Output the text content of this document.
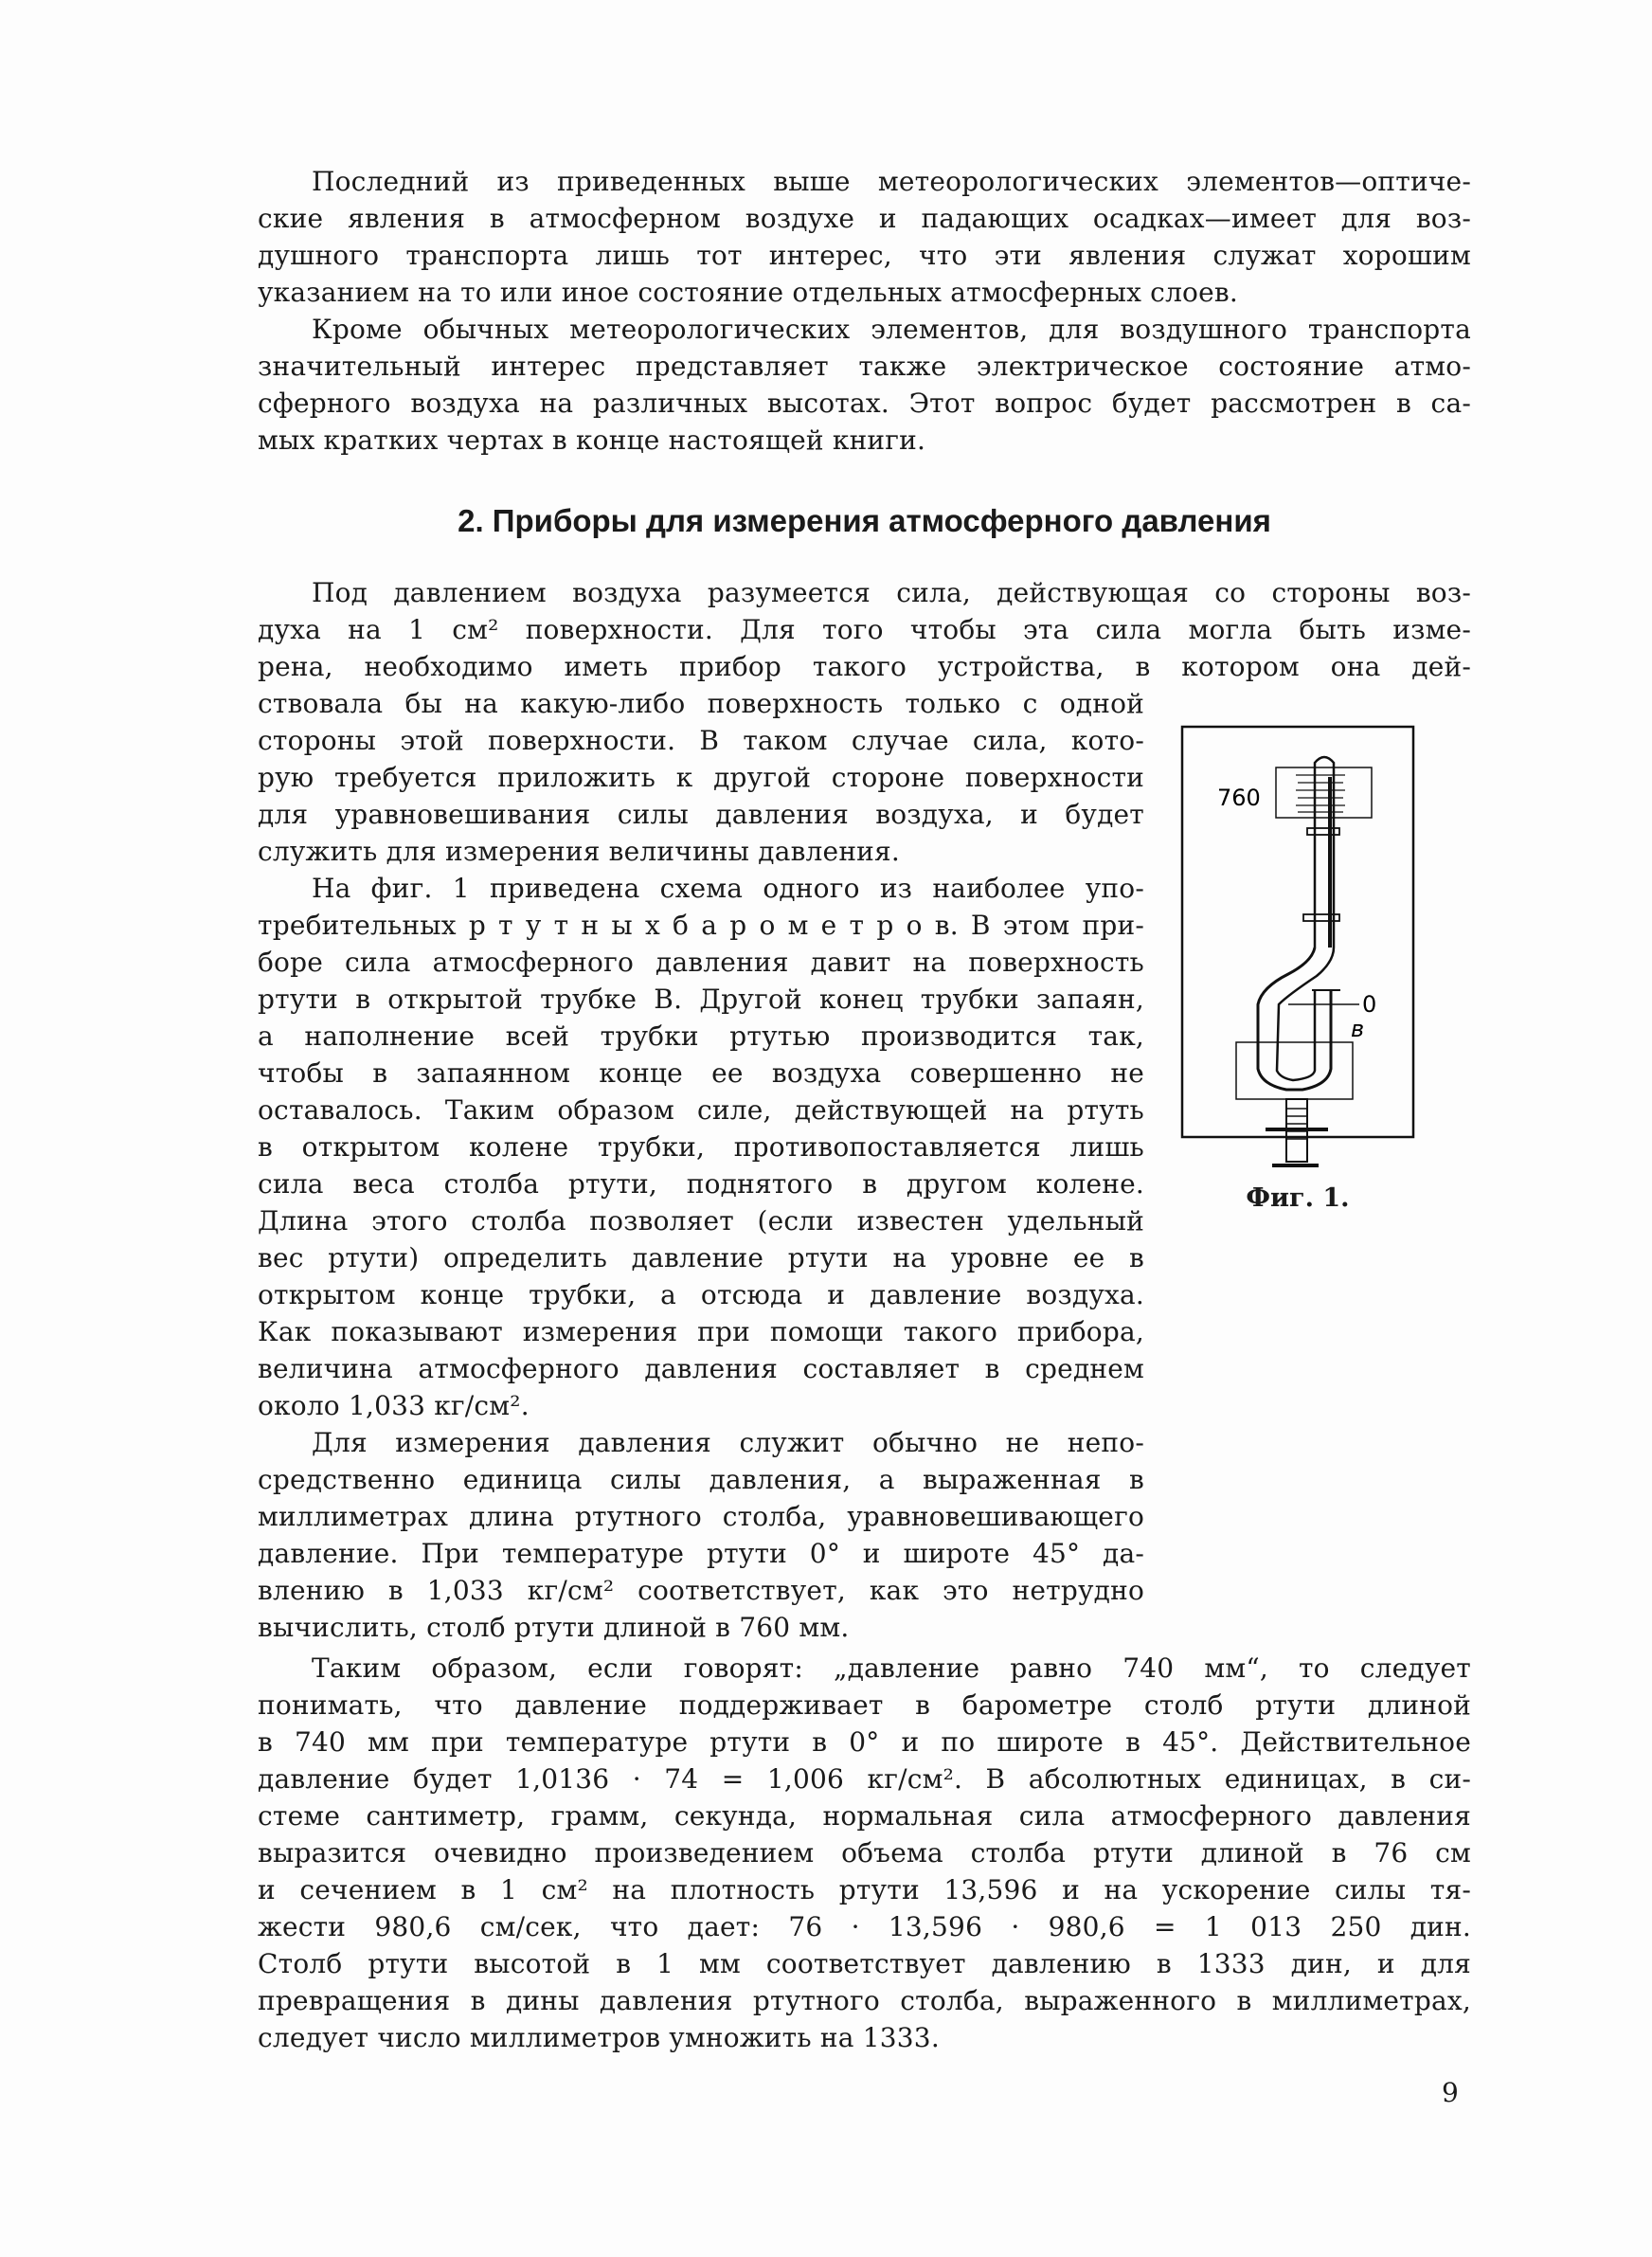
Последний из приведенных выше метеорологических элементов—оптиче-
ские явления в атмосферном воздухе и падающих осадках—имеет для воз-
душного транспорта лишь тот интерес, что эти явления служат хорошим
указанием на то или иное состояние отдельных атмосферных слоев.
Кроме обычных метеорологических элементов, для воздушного транспорта
значительный интерес представляет также электрическое состояние атмо-
сферного воздуха на различных высотах. Этот вопрос будет рассмотрен в са-
мых кратких чертах в конце настоящей книги.
2. Приборы для измерения атмосферного давления
Под давлением воздуха разумеется сила, действующая со стороны воз-
духа на 1 см² поверхности. Для того чтобы эта сила могла быть изме-
рена, необходимо иметь прибор такого устройства, в котором она дей-
ствовала бы на какую-либо поверхность только с одной
стороны этой поверхности. В таком случае сила, кото-
рую требуется приложить к другой стороне поверхности
для уравновешивания силы давления воздуха, и будет
служить для измерения величины давления.
На фиг. 1 приведена схема одного из наиболее упо-
требительных р т у т н ы х б а р о м е т р о в. В этом при-
боре сила атмосферного давления давит на поверхность
ртути в открытой трубке В. Другой конец трубки запаян,
а наполнение всей трубки ртутью производится так,
чтобы в запаянном конце ее воздуха совершенно не
оставалось. Таким образом силе, действующей на ртуть
в открытом колене трубки, противопоставляется лишь
сила веса столба ртути, поднятого в другом колене.
Длина этого столба позволяет (если известен удельный
вес ртути) определить давление ртути на уровне ее в
открытом конце трубки, а отсюда и давление воздуха.
Как показывают измерения при помощи такого прибора,
величина атмосферного давления составляет в среднем
около 1,033 кг/см².
Для измерения давления служит обычно не непо-
средственно единица силы давления, а выраженная в
миллиметрах длина ртутного столба, уравновешивающего
давление. При температуре ртути 0° и широте 45° да-
влению в 1,033 кг/см² соответствует, как это нетрудно
вычислить, столб ртути длиной в 760 мм.
Таким образом, если говорят: „давление равно 740 мм“, то следует
понимать, что давление поддерживает в барометре столб ртути длиной
в 740 мм при температуре ртути в 0° и по широте в 45°. Действительное
давление будет 1,0136 · 74 = 1,006 кг/см². В абсолютных единицах, в си-
стеме сантиметр, грамм, секунда, нормальная сила атмосферного давления
выразится очевидно произведением объема столба ртути длиной в 76 см
и сечением в 1 см² на плотность ртути 13,596 и на ускорение силы тя-
жести 980,6 см/сек, что дает: 76 · 13,596 · 980,6 = 1 013 250 дин.
Столб ртути высотой в 1 мм соответствует давлению в 1333 дин, и для
превращения в дины давления ртутного столба, выраженного в миллиметрах,
следует число миллиметров умножить на 1333.
760
0
в
Фиг. 1.
9
